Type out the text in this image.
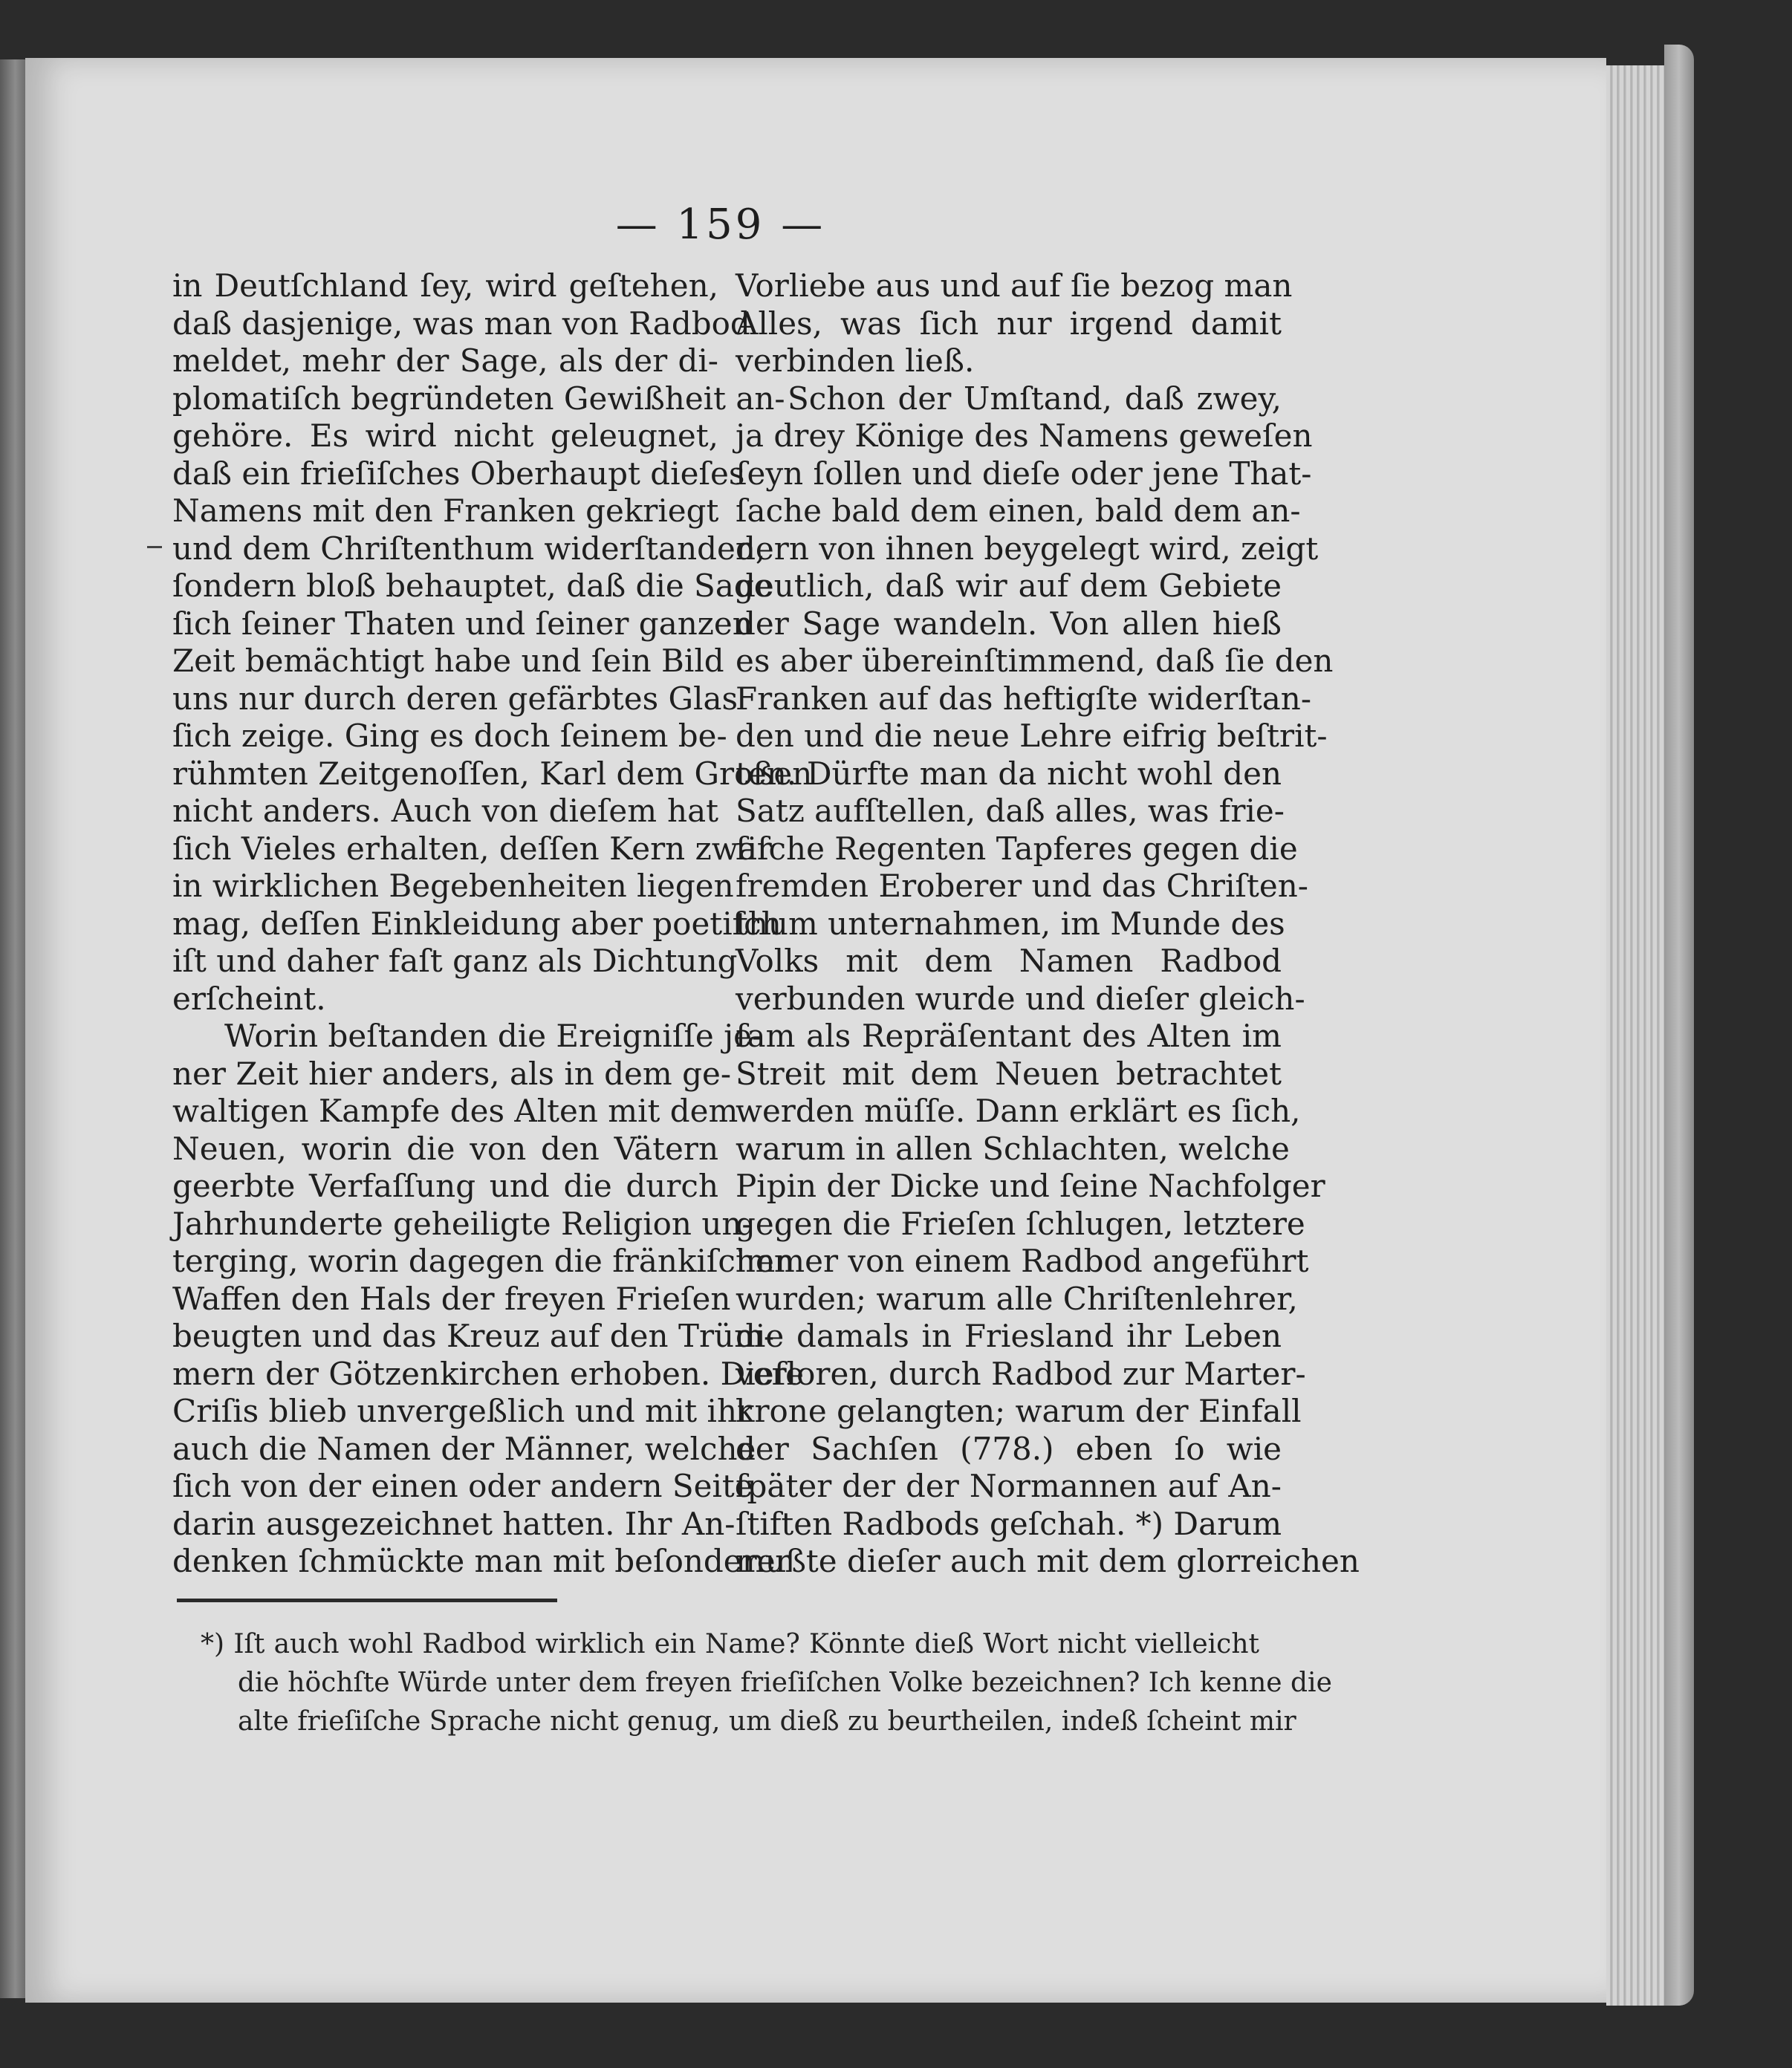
— 159 —
in Deutſchland ſey, wird geſtehen,
daß dasjenige, was man von Radbod
meldet, mehr der Sage, als der di-
plomatiſch begründeten Gewißheit an-
gehöre. Es wird nicht geleugnet,
daß ein frieſiſches Oberhaupt dieſes
Namens mit den Franken gekriegt
und dem Chriſtenthum widerſtanden,
ſondern bloß behauptet, daß die Sage
ſich ſeiner Thaten und ſeiner ganzen
Zeit bemächtigt habe und ſein Bild
uns nur durch deren gefärbtes Glas
ſich zeige. Ging es doch ſeinem be-
rühmten Zeitgenoſſen, Karl dem Großen
nicht anders. Auch von dieſem hat
ſich Vieles erhalten, deſſen Kern zwar
in wirklichen Begebenheiten liegen
mag, deſſen Einkleidung aber poetiſch
iſt und daher faſt ganz als Dichtung
erſcheint.
Worin beſtanden die Ereigniſſe je-
ner Zeit hier anders, als in dem ge-
waltigen Kampfe des Alten mit dem
Neuen, worin die von den Vätern
geerbte Verfaſſung und die durch
Jahrhunderte geheiligte Religion un-
terging, worin dagegen die fränkiſchen
Waffen den Hals der freyen Frieſen
beugten und das Kreuz auf den Trüm-
mern der Götzenkirchen erhoben. Dieſe
Criſis blieb unvergeßlich und mit ihr
auch die Namen der Männer, welche
ſich von der einen oder andern Seite
darin ausgezeichnet hatten. Ihr An-
denken ſchmückte man mit beſonderer
Vorliebe aus und auf ſie bezog man
Alles, was ſich nur irgend damit
verbinden ließ.
Schon der Umſtand, daß zwey,
ja drey Könige des Namens geweſen
ſeyn ſollen und dieſe oder jene That-
ſache bald dem einen, bald dem an-
dern von ihnen beygelegt wird, zeigt
deutlich, daß wir auf dem Gebiete
der Sage wandeln. Von allen hieß
es aber übereinſtimmend, daß ſie den
Franken auf das heftigſte widerſtan-
den und die neue Lehre eifrig beſtrit-
ten. Dürfte man da nicht wohl den
Satz aufſtellen, daß alles, was frie-
ſiſche Regenten Tapferes gegen die
fremden Eroberer und das Chriſten-
thum unternahmen, im Munde des
Volks mit dem Namen Radbod
verbunden wurde und dieſer gleich-
ſam als Repräſentant des Alten im
Streit mit dem Neuen betrachtet
werden müſſe. Dann erklärt es ſich,
warum in allen Schlachten, welche
Pipin der Dicke und ſeine Nachfolger
gegen die Frieſen ſchlugen, letztere
immer von einem Radbod angeführt
wurden; warum alle Chriſtenlehrer,
die damals in Friesland ihr Leben
verloren, durch Radbod zur Marter-
krone gelangten; warum der Einfall
der Sachſen (778.) eben ſo wie
ſpäter der der Normannen auf An-
ſtiften Radbods geſchah. *) Darum
mußte dieſer auch mit dem glorreichen
*) Iſt auch wohl Radbod wirklich ein Name? Könnte dieß Wort nicht vielleicht
die höchſte Würde unter dem freyen frieſiſchen Volke bezeichnen? Ich kenne die
alte frieſiſche Sprache nicht genug, um dieß zu beurtheilen, indeß ſcheint mir
